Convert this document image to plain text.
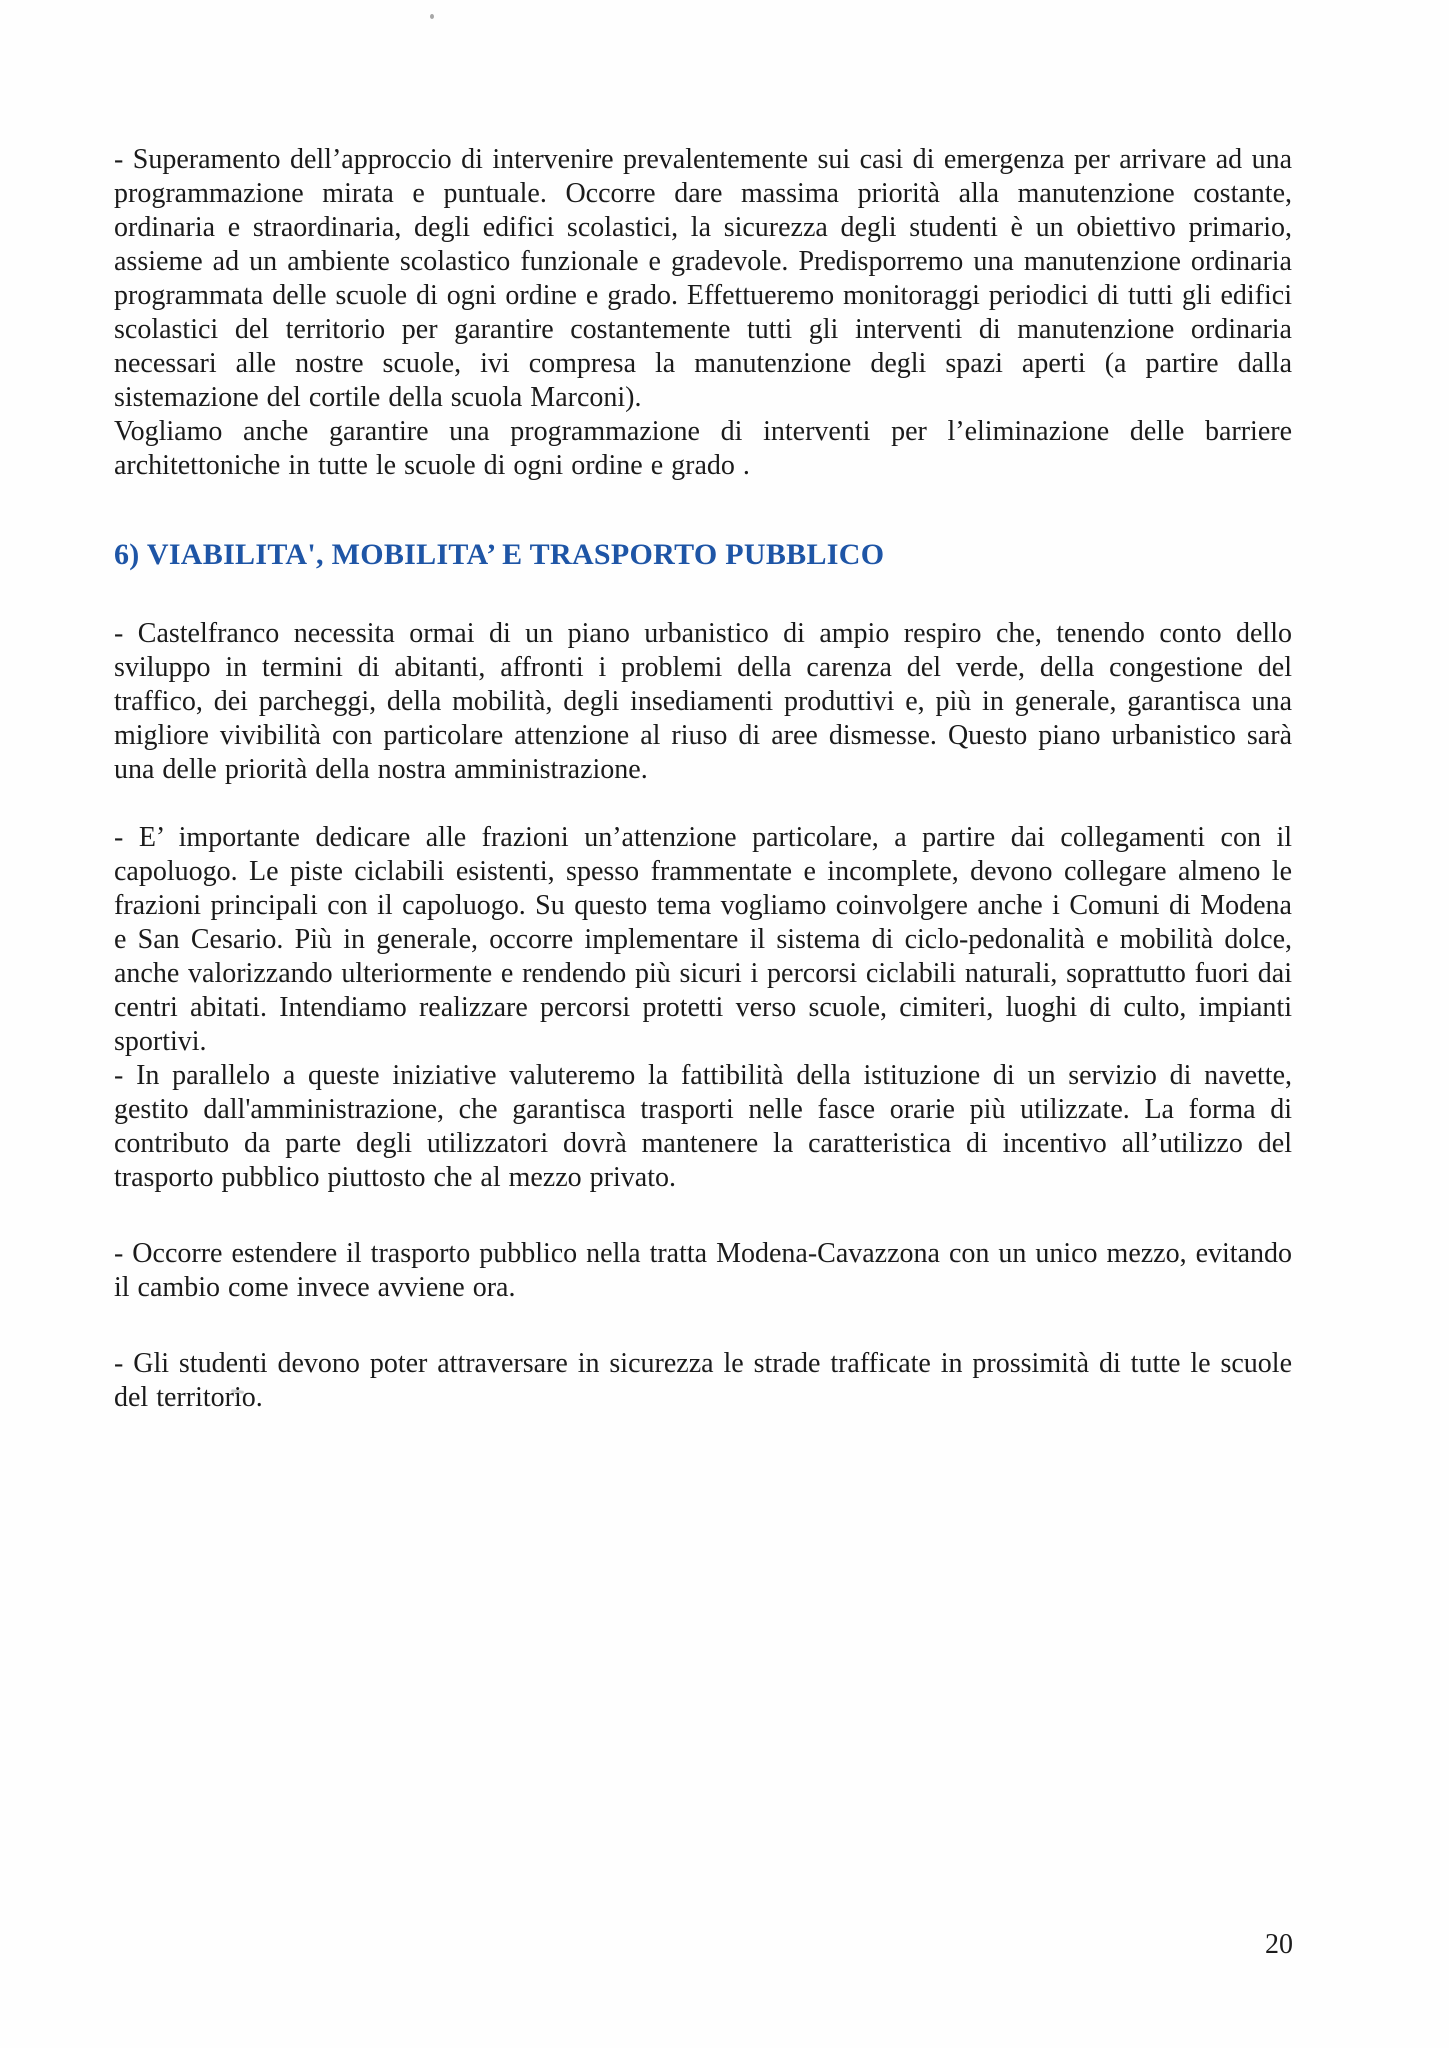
- Superamento dell’approccio di intervenire prevalentemente sui casi di emergenza per arrivare ad una programmazione mirata e puntuale. Occorre dare massima priorità alla manutenzione costante, ordinaria e straordinaria, degli edifici scolastici, la sicurezza degli studenti è un obiettivo primario, assieme ad un ambiente scolastico funzionale e gradevole. Predisporremo una manutenzione ordinaria programmata delle scuole di ogni ordine e grado. Effettueremo monitoraggi periodici di tutti gli edifici scolastici del territorio per garantire costantemente tutti gli interventi di manutenzione ordinaria necessari alle nostre scuole, ivi compresa la manutenzione degli spazi aperti (a partire dalla sistemazione del cortile della scuola Marconi).

Vogliamo anche garantire una programmazione di interventi per l’eliminazione delle barriere architettoniche in tutte le scuole di ogni ordine e grado .

6) VIABILITA', MOBILITA’ E TRASPORTO PUBBLICO

- Castelfranco necessita ormai di un piano urbanistico di ampio respiro che, tenendo conto dello sviluppo in termini di abitanti, affronti i problemi della carenza del verde, della congestione del traffico, dei parcheggi, della mobilità, degli insediamenti produttivi e, più in generale, garantisca una migliore vivibilità con particolare attenzione al riuso di aree dismesse. Questo piano urbanistico sarà una delle priorità della nostra amministrazione.

- E’ importante dedicare alle frazioni un’attenzione particolare, a partire dai collegamenti con il capoluogo. Le piste ciclabili esistenti, spesso frammentate e incomplete, devono collegare almeno le frazioni principali con il capoluogo. Su questo tema vogliamo coinvolgere anche i Comuni di Modena e San Cesario. Più in generale, occorre implementare il sistema di ciclo-pedonalità e mobilità dolce, anche valorizzando ulteriormente e rendendo più sicuri i percorsi ciclabili naturali, soprattutto fuori dai centri abitati. Intendiamo realizzare percorsi protetti verso scuole, cimiteri, luoghi di culto, impianti sportivi.

- In parallelo a queste iniziative valuteremo la fattibilità della istituzione di un servizio di navette, gestito dall'amministrazione, che garantisca trasporti nelle fasce orarie più utilizzate. La forma di contributo da parte degli utilizzatori dovrà mantenere la caratteristica di incentivo all’utilizzo del trasporto pubblico piuttosto che al mezzo privato.

- Occorre estendere il trasporto pubblico nella tratta Modena-Cavazzona con un unico mezzo, evitando il cambio come invece avviene ora.

- Gli studenti devono poter attraversare in sicurezza le strade trafficate in prossimità di tutte le scuole del territorio.

20
